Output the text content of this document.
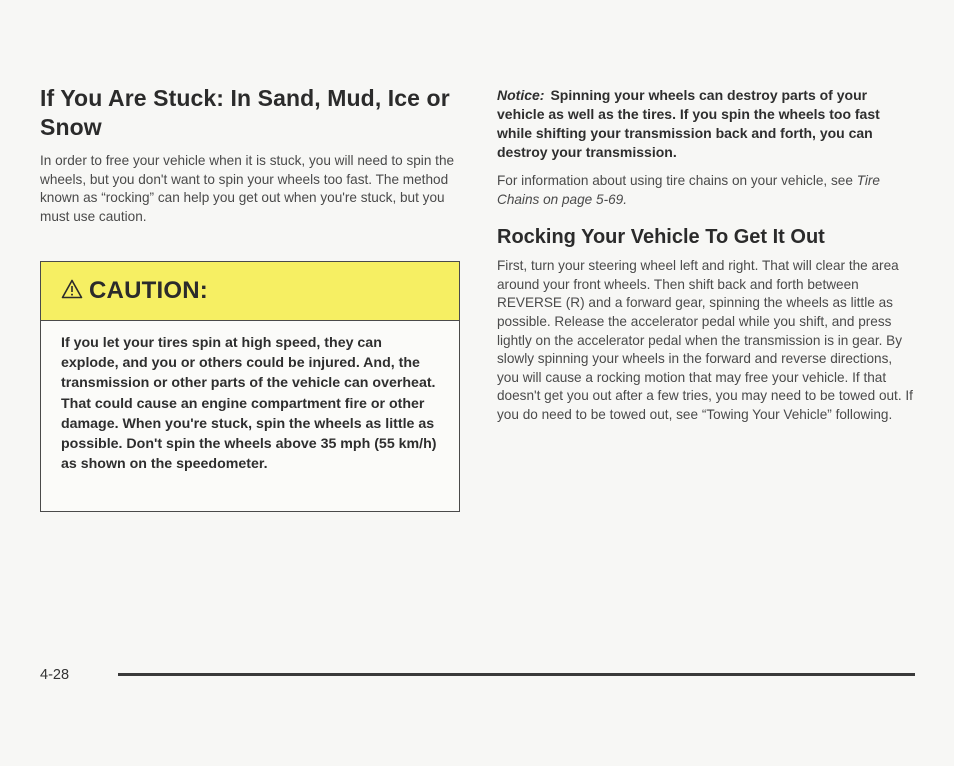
If You Are Stuck: In Sand, Mud, Ice or Snow

In order to free your vehicle when it is stuck, you will need to spin the wheels, but you don't want to spin your wheels too fast. The method known as “rocking” can help you get out when you're stuck, but you must use caution.

CAUTION:
If you let your tires spin at high speed, they can explode, and you or others could be injured. And, the transmission or other parts of the vehicle can overheat. That could cause an engine compartment fire or other damage. When you're stuck, spin the wheels as little as possible. Don't spin the wheels above 35 mph (55 km/h) as shown on the speedometer.

Notice: Spinning your wheels can destroy parts of your vehicle as well as the tires. If you spin the wheels too fast while shifting your transmission back and forth, you can destroy your transmission.

For information about using tire chains on your vehicle, see Tire Chains on page 5-69.

Rocking Your Vehicle To Get It Out

First, turn your steering wheel left and right. That will clear the area around your front wheels. Then shift back and forth between REVERSE (R) and a forward gear, spinning the wheels as little as possible. Release the accelerator pedal while you shift, and press lightly on the accelerator pedal when the transmission is in gear. By slowly spinning your wheels in the forward and reverse directions, you will cause a rocking motion that may free your vehicle. If that doesn't get you out after a few tries, you may need to be towed out. If you do need to be towed out, see “Towing Your Vehicle” following.

4-28
